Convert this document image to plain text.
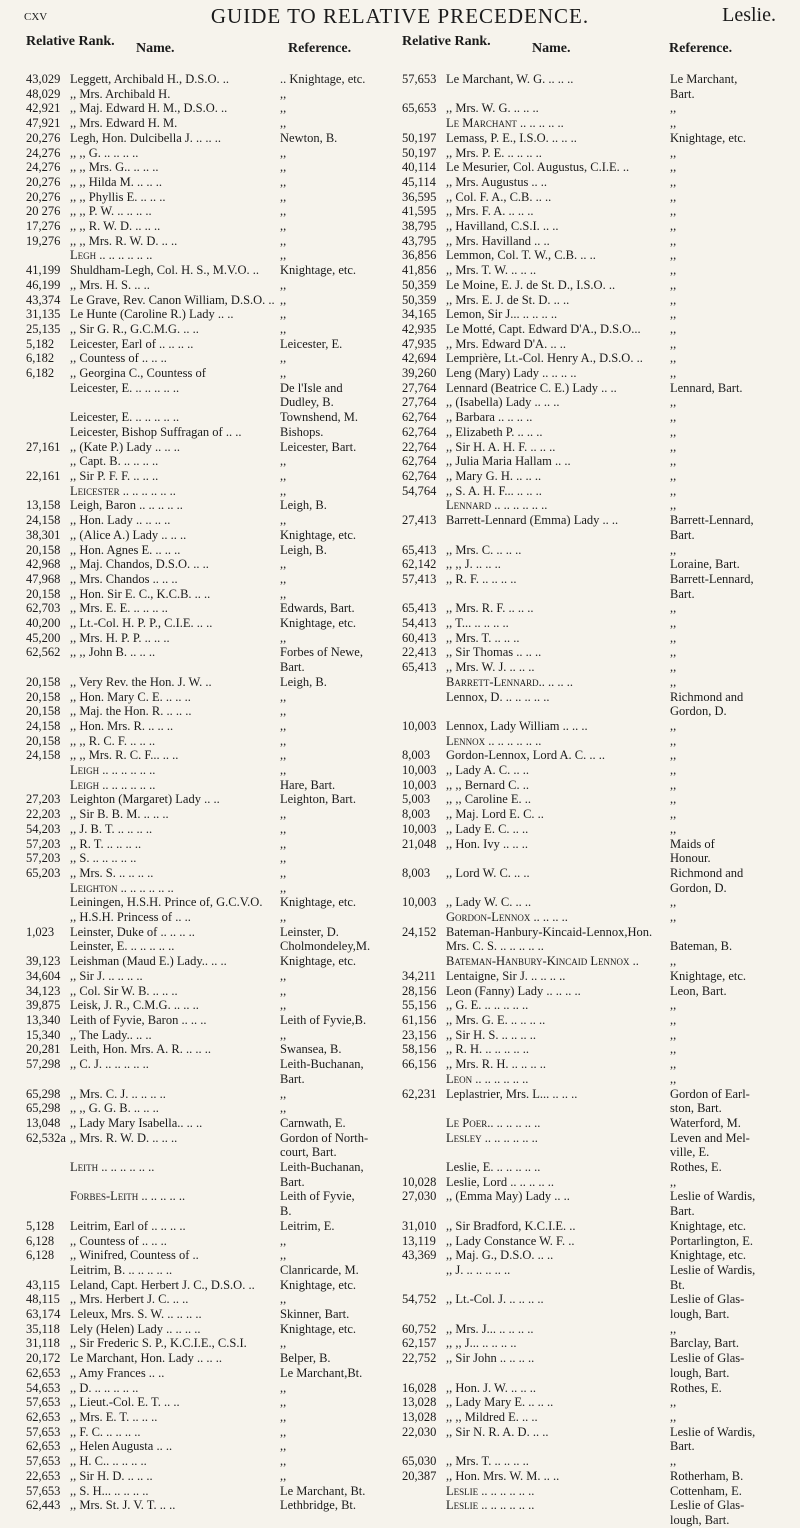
cxv	GUIDE TO RELATIVE PRECEDENCE.	Leslie.
Relative Rank. Name.	Reference.
43,029 Leggett, Archibald H., D.S.O. ..	.. Knightage, etc.
48,029 ,, Mrs. Archibald H.	,,
42,921 ,, Maj. Edward H. M., D.S.O. ..	,,
47,921 ,, Mrs. Edward H. M.	,,
20,276 Legh, Hon. Dulcibella J. .. .. ..	Newton, B.
24,276 ,, ,, G. .. .. .. ..	,,
24,276 ,, ,, Mrs. G.. .. .. ..	,,
20,276 ,, ,, Hilda M. .. .. ..	,,
20,276 ,, ,, Phyllis E. .. .. ..	,,
20 276 ,, ,, P. W. .. .. .. ..	,,
17,276 ,, ,, R. W. D. .. .. ..	,,
19,276 ,, ,, Mrs. R. W. D. .. ..	,,
Legh .. .. .. .. .. ..	,,
41,199 Shuldham-Legh, Col. H. S., M.V.O. ..	Knightage, etc.
46,199 ,, Mrs. H. S. .. ..	,,
43,374 Le Grave, Rev. Canon William, D.S.O. .. ,,
31,135 Le Hunte (Caroline R.) Lady .. ..	,,
25,135 ,, Sir G. R., G.C.M.G. .. ..	,,
5,182	Leicester, Earl of .. .. .. ..	Leicester, E.
6,182	,, Countess of .. .. ..	,,
6,182	,, Georgina C., Countess of	,,
Leicester, E. .. .. .. .. ..	De l'Isle and
Dudley, B.
Leicester, E. .. .. .. .. ..	Townshend, M.
Leicester, Bishop Suffragan of .. ..	Bishops.
27,161 ,, (Kate P.) Lady .. .. ..	Leicester, Bart.
,, Capt. B. .. .. .. ..	,,
22,161 ,, Sir P. F. F. .. .. ..	,,
Leicester .. .. .. .. .. ..	,,
13,158 Leigh, Baron .. .. .. .. ..	Leigh, B.
24,158 ,, Hon. Lady .. .. .. ..	,,
38,301 ,, (Alice A.) Lady .. .. ..	Knightage, etc.
20,158 ,, Hon. Agnes E. .. .. ..	Leigh, B.
42,968 ,, Maj. Chandos, D.S.O. .. ..	,,
47,968 ,, Mrs. Chandos .. .. ..	,,
20,158 ,, Hon. Sir E. C., K.C.B. .. ..	,,
62,703 ,, Mrs. E. E. .. .. .. ..	Edwards, Bart.
40,200 ,, Lt.-Col. H. P. P., C.I.E. .. ..	Knightage, etc.
45,200 ,, Mrs. H. P. P. .. .. ..	,,
62,562 ,, ,, John B. .. .. ..	Forbes of Newe,
Bart.
20,158 ,, Very Rev. the Hon. J. W. ..	Leigh, B.
20,158 ,, Hon. Mary C. E. .. .. ..	,,
20,158 ,, Maj. the Hon. R. .. .. ..	,,
24,158 ,, Hon. Mrs. R. .. .. ..	,,
20,158 ,, ,, R. C. F. .. .. ..	,,
24,158 ,, ,, Mrs. R. C. F... .. ..	,,
Leigh .. .. .. .. .. ..	,,
Leigh .. .. .. .. .. ..	Hare, Bart.
27,203 Leighton (Margaret) Lady .. ..	Leighton, Bart.
22,203 ,, Sir B. B. M. .. .. ..	,,
54,203 ,, J. B. T. .. .. .. ..	,,
57,203 ,, R. T. .. .. .. ..	,,
57,203 ,, S. .. .. .. .. ..	,,
65,203 ,, Mrs. S. .. .. .. ..	,,
Leighton .. .. .. .. .. ..	,,
Leiningen, H.S.H. Prince of, G.C.V.O.	Knightage, etc.
,, H.S.H. Princess of .. ..	,,
1,023	Leinster, Duke of .. .. .. ..	Leinster, D.
Leinster, E. .. .. .. .. ..	Cholmondeley,M.
39,123 Leishman (Maud E.) Lady.. .. ..	Knightage, etc.
34,604 ,, Sir J. .. .. .. ..	,,
34,123 ,, Col. Sir W. B. .. .. ..	,,
39,875 Leisk, J. R., C.M.G. .. .. ..	,,
13,340 Leith of Fyvie, Baron .. .. ..	Leith of Fyvie,B.
15,340 ,, The Lady.. .. ..	,,
20,281 Leith, Hon. Mrs. A. R. .. .. ..	Swansea, B.
57,298 ,, C. J. .. .. .. .. ..	Leith-Buchanan,
Bart.
65,298 ,, Mrs. C. J. .. .. .. ..	,,
65,298 ,, ,, G. G. B. .. .. ..	,,
13,048 ,, Lady Mary Isabella.. .. ..	Carnwath, E.
62,532a ,, Mrs. R. W. D. .. .. ..	Gordon of North-
court, Bart.
Leith .. .. .. .. .. ..	Leith-Buchanan,
Bart.
Forbes-Leith .. .. .. .. ..	Leith of Fyvie,
B.
5,128	Leitrim, Earl of .. .. .. ..	Leitrim, E.
6,128	,, Countess of .. .. ..	,,
6,128	,, Winifred, Countess of ..	,,
Leitrim, B. .. .. .. .. ..	Clanricarde, M.
43,115 Leland, Capt. Herbert J. C., D.S.O. ..	Knightage, etc.
48,115 ,, Mrs. Herbert J. C. .. ..	,,
63,174 Leleux, Mrs. S. W. .. .. .. ..	Skinner, Bart.
35,118 Lely (Helen) Lady .. .. .. ..	Knightage, etc.
31,118 ,, Sir Frederic S. P., K.C.I.E., C.S.I.	,,
20,172 Le Marchant, Hon. Lady .. .. ..	Belper, B.
62,653 ,, Amy Frances .. ..	Le Marchant,Bt.
54,653 ,, D. .. .. .. .. ..	,,
57,653 ,, Lieut.-Col. E. T. .. ..	,,
62,653 ,, Mrs. E. T. .. .. ..	,,
57,653 ,, F. C. .. .. .. ..	,,
62,653 ,, Helen Augusta .. ..	,,
57,653 ,, H. C.. .. .. .. ..	,,
22,653 ,, Sir H. D. .. .. ..	,,
57,653 ,, S. H... .. .. .. ..	Le Marchant, Bt.
62,443 ,, Mrs. St. J. V. T. .. ..	Lethbridge, Bt.
Relative Rank.	Name.	Reference.
57,653 Le Marchant, W. G. .. .. ..	Le Marchant,
Bart.
65,653 ,, Mrs. W. G. .. .. ..	,,
Le Marchant .. .. .. .. ..	,,
50,197 Lemass, P. E., I.S.O. .. .. ..	Knightage, etc.
50,197 ,, Mrs. P. E. .. .. .. ..	,,
40,114 Le Mesurier, Col. Augustus, C.I.E. ..	,,
45,114 ,, Mrs. Augustus .. ..	,,
36,595 ,, Col. F. A., C.B. .. ..	,,
41,595 ,, Mrs. F. A. .. .. ..	,,
38,795 ,, Havilland, C.S.I. .. ..	,,
43,795 ,, Mrs. Havilland .. ..	,,
36,856 Lemmon, Col. T. W., C.B. .. ..	,,
41,856 ,, Mrs. T. W. .. .. ..	,,
50,359 Le Moine, E. J. de St. D., I.S.O. ..	,,
50,359 ,, Mrs. E. J. de St. D. .. ..	,,
34,165 Lemon, Sir J... .. .. .. ..	,,
42,935 Le Motté, Capt. Edward D'A., D.S.O...	,,
47,935 ,, Mrs. Edward D'A. .. ..	,,
42,694 Lemprière, Lt.-Col. Henry A., D.S.O. ..	,,
39,260 Leng (Mary) Lady .. .. .. ..	,,
27,764 Lennard (Beatrice C. E.) Lady .. ..	Lennard, Bart.
27,764 ,, (Isabella) Lady .. .. ..	,,
62,764 ,, Barbara .. .. .. ..	,,
62,764 ,, Elizabeth P. .. .. ..	,,
22,764 ,, Sir H. A. H. F. .. .. ..	,,
62,764 ,, Julia Maria Hallam .. ..	,,
62,764 ,, Mary G. H. .. .. ..	,,
54,764 ,, S. A. H. F... .. .. ..	,,
Lennard .. .. .. .. .. ..	,,
27,413 Barrett-Lennard (Emma) Lady .. ..	Barrett-Lennard,
Bart.
65,413 ,, Mrs. C. .. .. ..	,,
62,142 ,, ,, J. .. .. ..	Loraine, Bart.
57,413 ,, R. F. .. .. .. ..	Barrett-Lennard,
Bart.
65,413 ,, Mrs. R. F. .. .. ..	,,
54,413 ,, T... .. .. .. ..	,,
60,413 ,, Mrs. T. .. .. ..	,,
22,413 ,, Sir Thomas .. .. ..	,,
65,413 ,, Mrs. W. J. .. .. ..	,,
Barrett-Lennard.. .. .. ..	,,
Lennox, D. .. .. .. .. ..	Richmond and
Gordon, D.
10,003 Lennox, Lady William .. .. ..	,,
Lennox .. .. .. .. .. ..	,,
8,003	Gordon-Lennox, Lord A. C. .. ..	,,
10,003 ,, Lady A. C. .. ..	,,
10,003 ,, ,, Bernard C. ..	,,
5,003	,, ,, Caroline E. ..	,,
8,003	,, Maj. Lord E. C. ..	,,
10,003 ,, Lady E. C. .. ..	,,
21,048 ,, Hon. Ivy .. .. ..	Maids of
Honour.
8,003	,, Lord W. C. .. ..	Richmond and
Gordon, D.
10,003 ,, Lady W. C. .. ..	,,
Gordon-Lennox .. .. .. ..	,,
24,152 Bateman-Hanbury-Kincaid-Lennox,Hon.
Mrs. C. S. .. .. .. .. ..	Bateman, B.
Bateman-Hanbury-Kincaid Lennox ..	,,
34,211 Lentaigne, Sir J. .. .. .. ..	Knightage, etc.
28,156 Leon (Fanny) Lady .. .. .. ..	Leon, Bart.
55,156 ,, G. E. .. .. .. .. ..	,,
61,156 ,, Mrs. G. E. .. .. .. ..	,,
23,156 ,, Sir H. S. .. .. .. ..	,,
58,156 ,, R. H. .. .. .. .. ..	,,
66,156 ,, Mrs. R. H. .. .. .. ..	,,
Leon .. .. .. .. .. ..	,,
62,231 Leplastrier, Mrs. L... .. .. ..	Gordon of Earl-
ston, Bart.
Le Poer.. .. .. .. .. ..	Waterford, M.
Lesley .. .. .. .. .. ..	Leven and Mel-
ville, E.
Leslie, E. .. .. .. .. ..	Rothes, E.
10,028 Leslie, Lord .. .. .. .. ..	,,
27,030 ,, (Emma May) Lady .. ..	Leslie of Wardis,
Bart.
31,010 ,, Sir Bradford, K.C.I.E. ..	Knightage, etc.
13,119 ,, Lady Constance W. F. ..	Portarlington, E.
43,369 ,, Maj. G., D.S.O. .. ..	Knightage, etc.
,, J. .. .. .. .. ..	Leslie of Wardis,
Bt.
54,752 ,, Lt.-Col. J. .. .. .. ..	Leslie of Glas-
lough, Bart.
60,752 ,, Mrs. J... .. .. .. ..	,,
62,157 ,, ,, J... .. .. .. ..	Barclay, Bart.
22,752 ,, Sir John .. .. .. ..	Leslie of Glas-
lough, Bart.
16,028 ,, Hon. J. W. .. .. ..	Rothes, E.
13,028 ,, Lady Mary E. .. .. ..	,,
13,028 ,, ,, Mildred E. .. ..	,,
22,030 ,, Sir N. R. A. D. .. ..	Leslie of Wardis,
Bart.
65,030 ,, Mrs. T. .. .. .. ..	,,
20,387 ,, Hon. Mrs. W. M. .. ..	Rotherham, B.
Leslie .. .. .. .. .. ..	Cottenham, E.
Leslie .. .. .. .. .. ..	Leslie of Glas-
lough, Bart.
